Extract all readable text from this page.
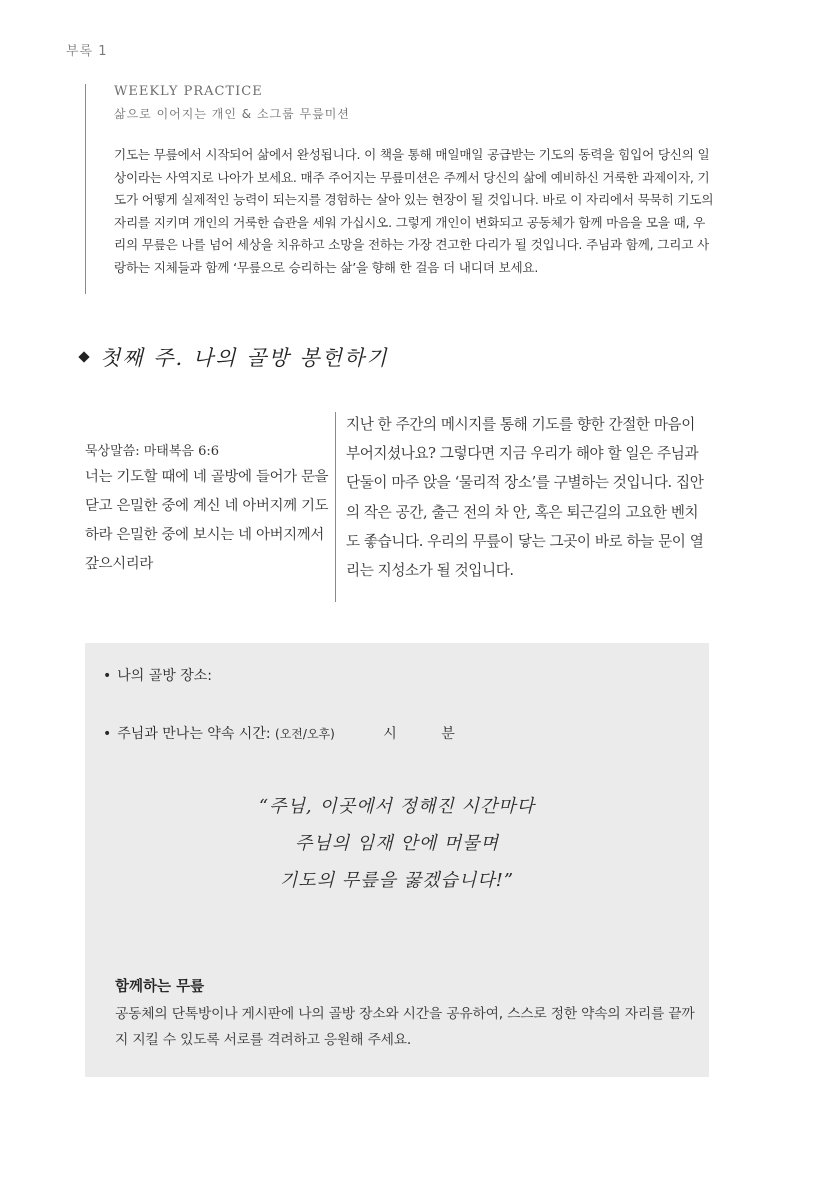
부록 1
WEEKLY PRACTICE
삶으로 이어지는 개인 & 소그룹 무릎미션

기도는 무릎에서 시작되어 삶에서 완성됩니다. 이 책을 통해 매일매일 공급받는 기도의 동력을 힘입어 당신의 일상이라는 사역지로 나아가 보세요. 매주 주어지는 무릎미션은 주께서 당신의 삶에 예비하신 거룩한 과제이자, 기도가 어떻게 실제적인 능력이 되는지를 경험하는 살아 있는 현장이 될 것입니다. 바로 이 자리에서 묵묵히 기도의 자리를 지키며 개인의 거룩한 습관을 세워 가십시오. 그렇게 개인이 변화되고 공동체가 함께 마음을 모을 때, 우리의 무릎은 나를 넘어 세상을 치유하고 소망을 전하는 가장 견고한 다리가 될 것입니다. 주님과 함께, 그리고 사랑하는 지체들과 함께 ‘무릎으로 승리하는 삶’을 향해 한 걸음 더 내디뎌 보세요.

첫째 주. 나의 골방 봉헌하기
묵상말씀: 마태복음 6:6
너는 기도할 때에 네 골방에 들어가 문을 닫고 은밀한 중에 계신 네 아버지께 기도하라 은밀한 중에 보시는 네 아버지께서 갚으시리라
지난 한 주간의 메시지를 통해 기도를 향한 간절한 마음이 부어지셨나요? 그렇다면 지금 우리가 해야 할 일은 주님과 단둘이 마주 앉을 ‘물리적 장소’를 구별하는 것입니다. 집안의 작은 공간, 출근 전의 차 안, 혹은 퇴근길의 고요한 벤치도 좋습니다. 우리의 무릎이 닿는 그곳이 바로 하늘 문이 열리는 지성소가 될 것입니다.
• 나의 골방 장소:
• 주님과 만나는 약속 시간: (오전/오후)	시	분
“주님, 이곳에서 정해진 시간마다
주님의 임재 안에 머물며
기도의 무릎을 꿇겠습니다!”
함께하는 무릎
공동체의 단톡방이나 게시판에 나의 골방 장소와 시간을 공유하여, 스스로 정한 약속의 자리를 끝까지 지킬 수 있도록 서로를 격려하고 응원해 주세요.
